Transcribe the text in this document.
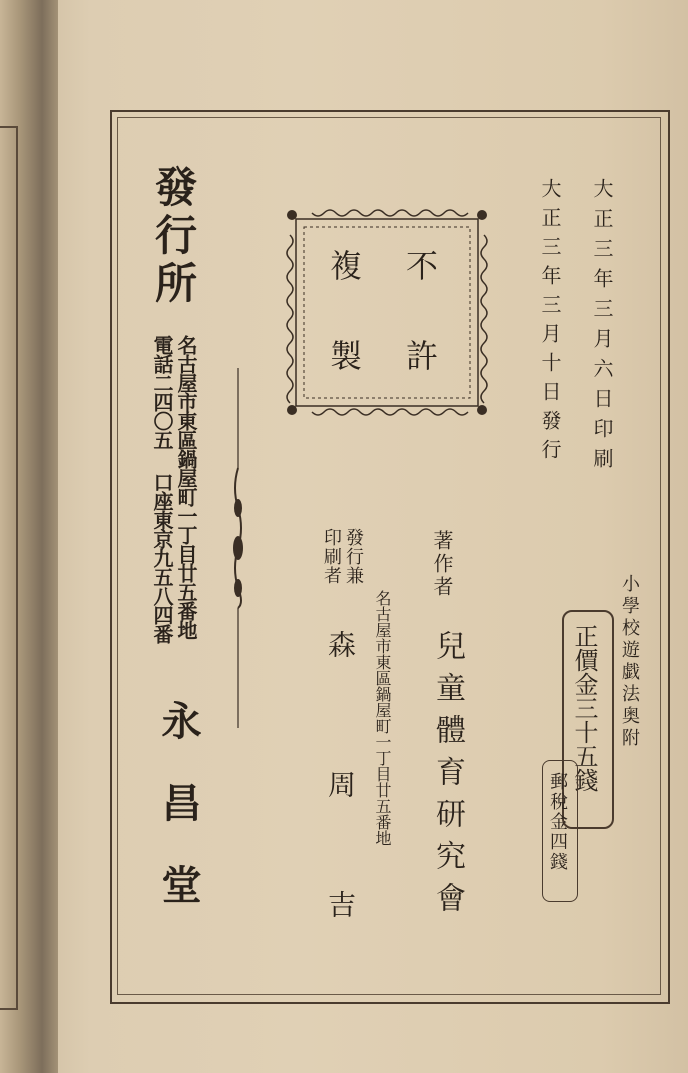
發行所
名古屋市東區鍋屋町一丁目廿五番地
電話二四〇五 口座東京九五八四番
永昌堂
不
許
複
製	大正三年三月六日印刷
大正三年三月十日發行
著作者
兒童體育研究會
發行兼
印刷者
名古屋市東區鍋屋町一丁目廿五番地
森
周
吉
正價金三十五錢
郵稅金四錢
小學校遊戯法奥附
